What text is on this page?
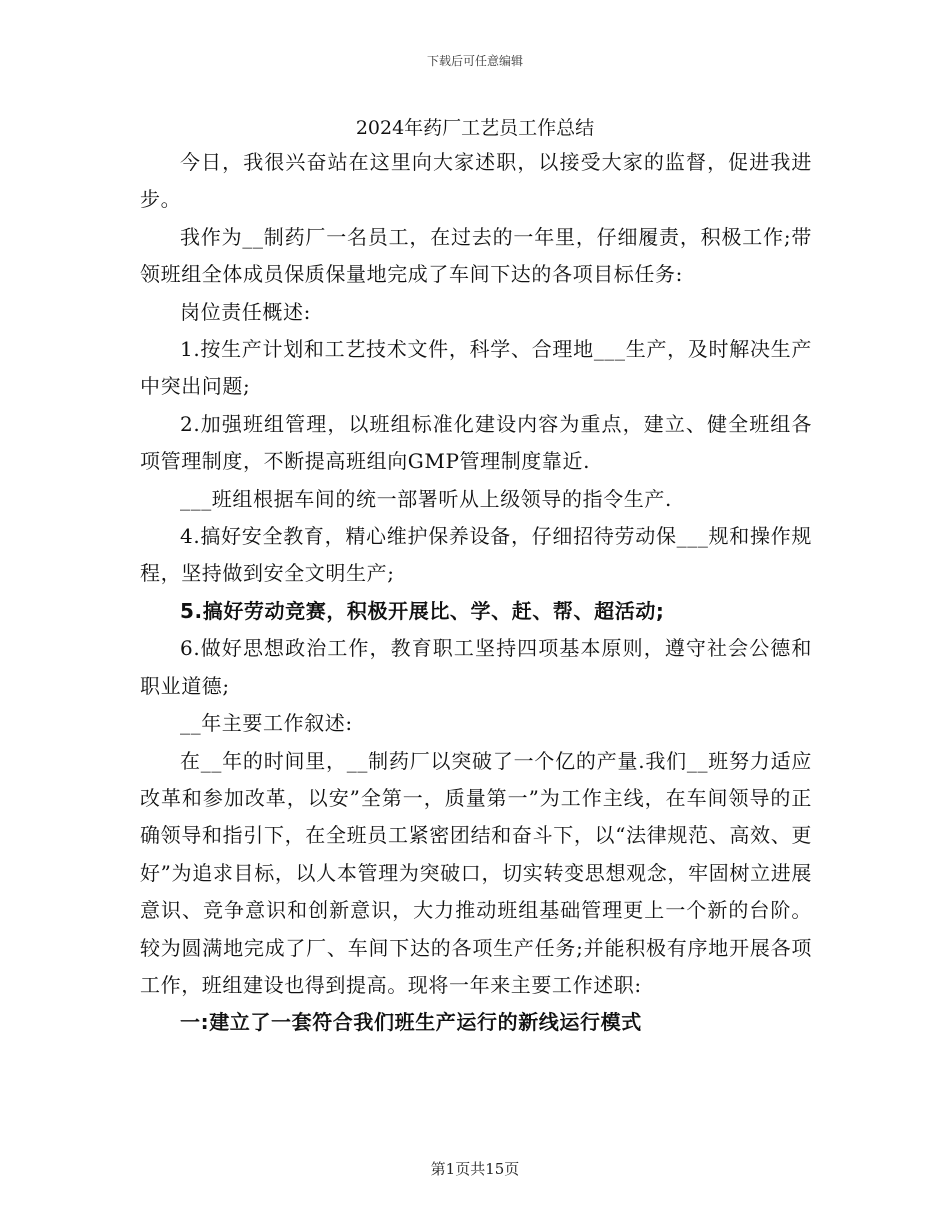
下载后可任意编辑
2024年药厂工艺员工作总结

今日，我很兴奋站在这里向大家述职，以接受大家的监督，促进我进步。

我作为__制药厂一名员工，在过去的一年里，仔细履责，积极工作;带领班组全体成员保质保量地完成了车间下达的各项目标任务:

岗位责任概述:

1.按生产计划和工艺技术文件，科学、合理地___生产，及时解决生产中突出问题;

2.加强班组管理，以班组标准化建设内容为重点，建立、健全班组各项管理制度，不断提高班组向GMP管理制度靠近.

___班组根据车间的统一部署听从上级领导的指令生产.

4.搞好安全教育，精心维护保养设备，仔细招待劳动保___规和操作规程，坚持做到安全文明生产;

5.搞好劳动竞赛，积极开展比、学、赶、帮、超活动;

6.做好思想政治工作，教育职工坚持四项基本原则，遵守社会公德和职业道德;

__年主要工作叙述:

在__年的时间里，__制药厂以突破了一个亿的产量.我们__班努力适应改革和参加改革，以安”全第一，质量第一”为工作主线，在车间领导的正确领导和指引下，在全班员工紧密团结和奋斗下，以“法律规范、高效、更好”为追求目标，以人本管理为突破口，切实转变思想观念，牢固树立进展意识、竞争意识和创新意识，大力推动班组基础管理更上一个新的台阶。较为圆满地完成了厂、车间下达的各项生产任务;并能积极有序地开展各项工作，班组建设也得到提高。现将一年来主要工作述职:

一:建立了一套符合我们班生产运行的新线运行模式

第1页共15页
